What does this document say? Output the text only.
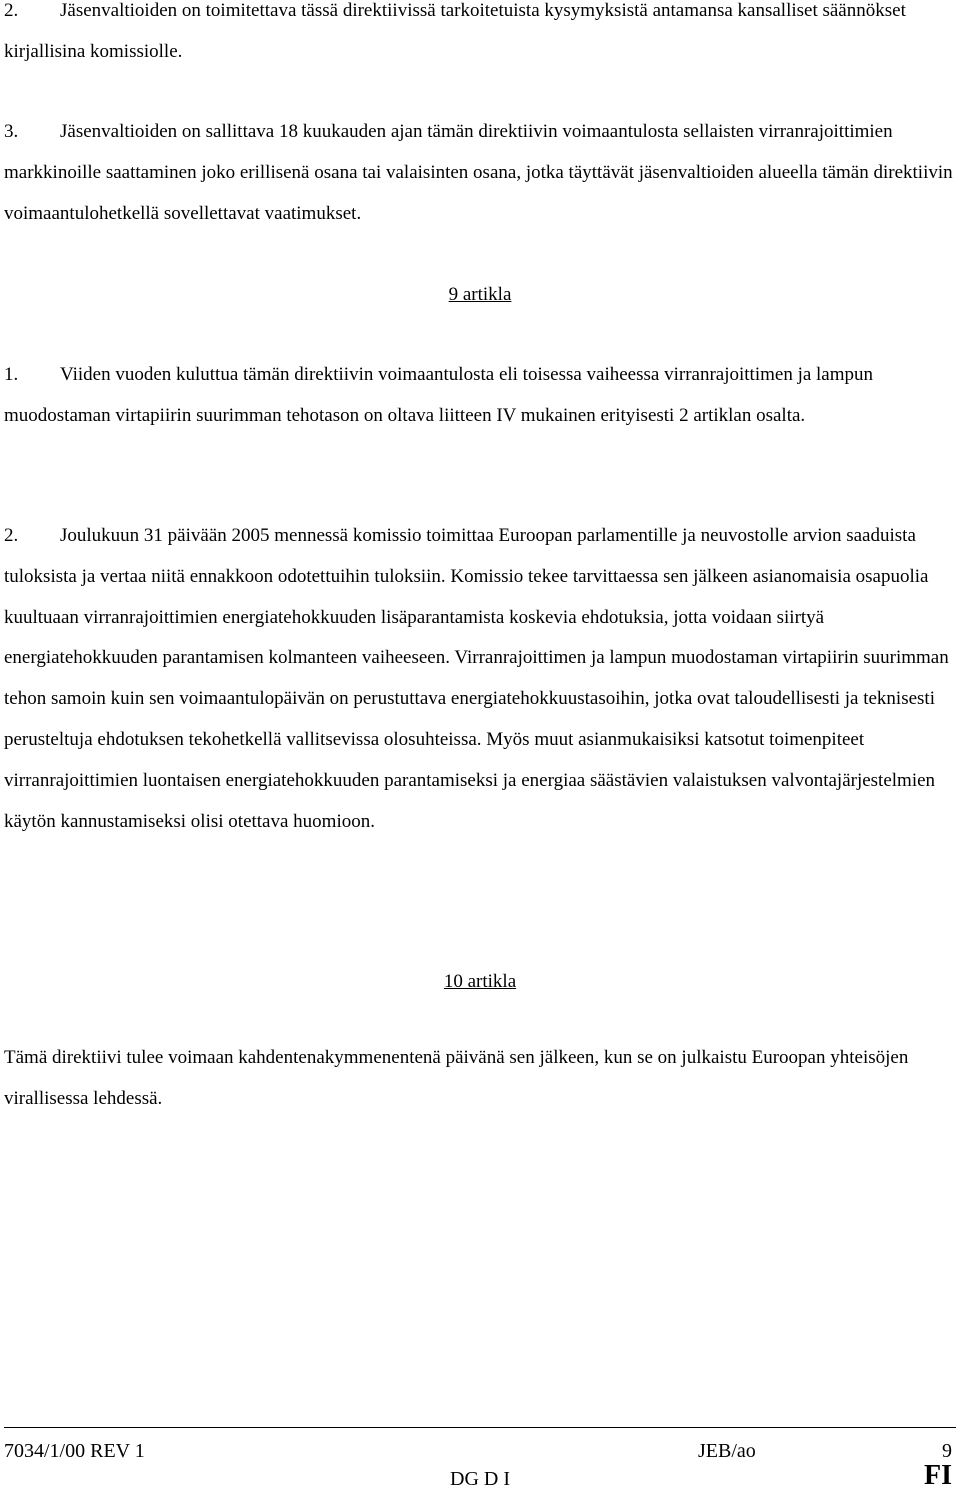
2. Jäsenvaltioiden on toimitettava tässä direktiivissä tarkoitetuista kysymyksistä antamansa kansalliset säännökset kirjallisina komissiolle.

3. Jäsenvaltioiden on sallittava 18 kuukauden ajan tämän direktiivin voimaantulosta sellaisten virranrajoittimien markkinoille saattaminen joko erillisenä osana tai valaisinten osana, jotka täyttävät jäsenvaltioiden alueella tämän direktiivin voimaantulohetkellä sovellettavat vaatimukset.

9 artikla

1. Viiden vuoden kuluttua tämän direktiivin voimaantulosta eli toisessa vaiheessa virranrajoittimen ja lampun muodostaman virtapiirin suurimman tehotason on oltava liitteen IV mukainen erityisesti 2 artiklan osalta.

2. Joulukuun 31 päivään 2005 mennessä komissio toimittaa Euroopan parlamentille ja neuvostolle arvion saaduista tuloksista ja vertaa niitä ennakkoon odotettuihin tuloksiin. Komissio tekee tarvittaessa sen jälkeen asianomaisia osapuolia kuultuaan virranrajoittimien energiatehokkuuden lisäparantamista koskevia ehdotuksia, jotta voidaan siirtyä energiatehokkuuden parantamisen kolmanteen vaiheeseen. Virranrajoittimen ja lampun muodostaman virtapiirin suurimman tehon samoin kuin sen voimaantulopäivän on perustuttava energiatehokkuustasoihin, jotka ovat taloudellisesti ja teknisesti perusteltuja ehdotuksen tekohetkellä vallitsevissa olosuhteissa. Myös muut asianmukaisiksi katsotut toimenpiteet virranrajoittimien luontaisen energiatehokkuuden parantamiseksi ja energiaa säästävien valaistuksen valvontajärjestelmien käytön kannustamiseksi olisi otettava huomioon.

10 artikla

Tämä direktiivi tulee voimaan kahdentenakymmenentenä päivänä sen jälkeen, kun se on julkaistu Euroopan yhteisöjen virallisessa lehdessä.

7034/1/00 REV 1	JEB/ao	9
DG D I	FI
